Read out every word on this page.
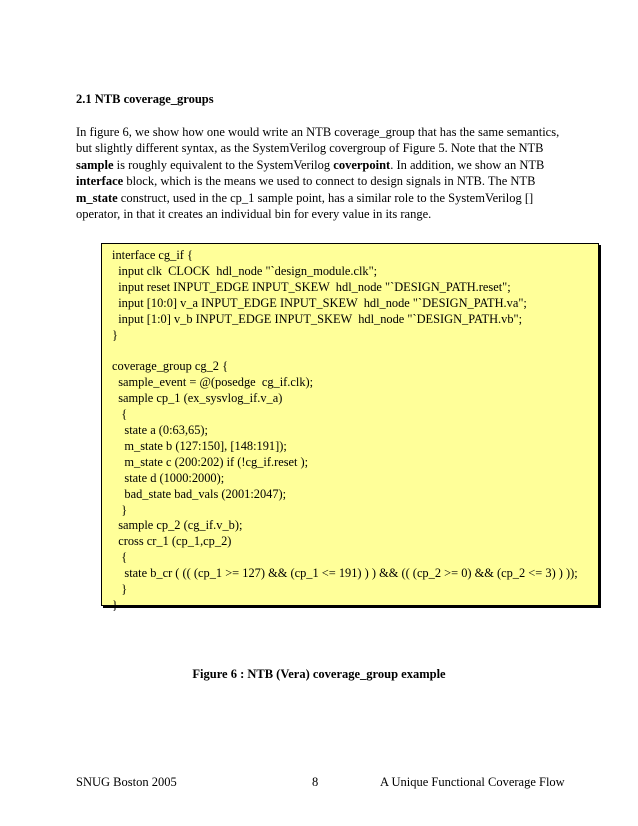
2.1 NTB coverage_groups
In figure 6, we show how one would write an NTB coverage_group that has the same semantics, but slightly different syntax, as the SystemVerilog covergroup of Figure 5. Note that the NTB sample is roughly equivalent to the SystemVerilog coverpoint. In addition, we show an NTB interface block, which is the means we used to connect to design signals in NTB. The NTB m_state construct, used in the cp_1 sample point, has a similar role to the SystemVerilog [] operator, in that it creates an individual bin for every value in its range.
interface cg_if {
input clk  CLOCK  hdl_node "`design_module.clk";
input reset INPUT_EDGE INPUT_SKEW  hdl_node "`DESIGN_PATH.reset";
input [10:0] v_a INPUT_EDGE INPUT_SKEW  hdl_node "`DESIGN_PATH.va";
input [1:0] v_b INPUT_EDGE INPUT_SKEW  hdl_node "`DESIGN_PATH.vb";
}

coverage_group cg_2 {
sample_event = @(posedge  cg_if.clk);
sample cp_1 (ex_sysvlog_if.v_a)
{
state a (0:63,65);
m_state b (127:150], [148:191]);
m_state c (200:202) if (!cg_if.reset );
state d (1000:2000);
bad_state bad_vals (2001:2047);
}
sample cp_2 (cg_if.v_b);
cross cr_1 (cp_1,cp_2)
{
state b_cr ( (( (cp_1 >= 127) && (cp_1 <= 191) ) ) && (( (cp_2 >= 0) && (cp_2 <= 3) ) ));
}
}
Figure 6 : NTB (Vera) coverage_group example
SNUG Boston 2005	8	A Unique Functional Coverage Flow
